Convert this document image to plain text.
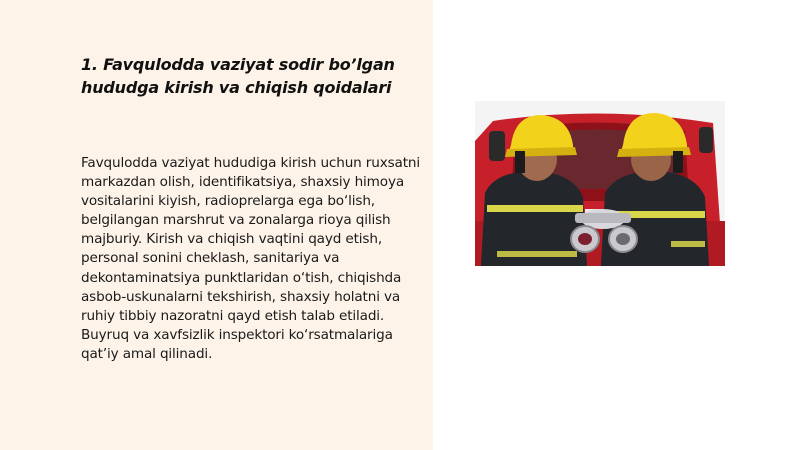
1. Favqulodda vaziyat sodir bo’lgan hududga kirish va chiqish qoidalari

Favqulodda vaziyat hududiga kirish uchun ruxsatni markazdan olish, identifikatsiya, shaxsiy himoya vositalarini kiyish, radioprelarga ega bo‘lish, belgilangan marshrut va zonalarga rioya qilish majburiy. Kirish va chiqish vaqtini qayd etish, personal sonini cheklash, sanitariya va dekontaminatsiya punktlaridan o‘tish, chiqishda asbob-uskunalarni tekshirish, shaxsiy holatni va ruhiy tibbiy nazoratni qayd etish talab etiladi. Buyruq va xavfsizlik inspektori ko‘rsatmalariga qat’iy amal qilinadi.
